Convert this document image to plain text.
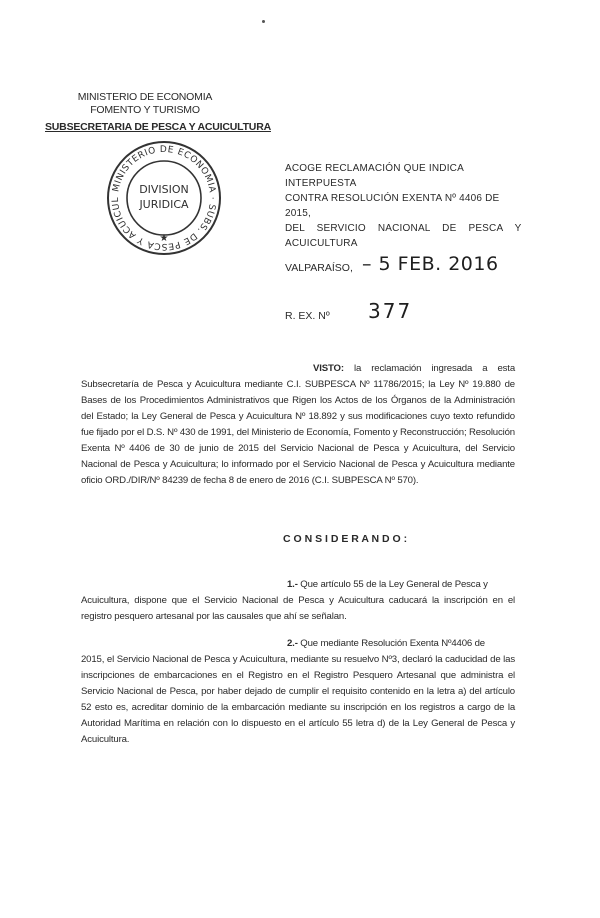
MINISTERIO DE ECONOMIA
FOMENTO Y TURISMO
SUBSECRETARIA DE PESCA Y ACUICULTURA
MINISTERIO DE ECONOMIA · SUBS. DE PESCA Y ACUICUL
DIVISION
JURIDICA
★
ACOGE RECLAMACIÓN QUE INDICA INTERPUESTA
CONTRA RESOLUCIÓN EXENTA Nº 4406 DE 2015,
DEL SERVICIO NACIONAL DE PESCA Y
ACUICULTURA
VALPARAÍSO, – 5 FEB. 2016
R. EX. Nº 377
VISTO: la reclamación ingresada a esta Subsecretaría de Pesca y Acuicultura mediante C.I. SUBPESCA Nº 11786/2015; la Ley Nº 19.880 de Bases de los Procedimientos Administrativos que Rigen los Actos de los Órganos de la Administración del Estado; la Ley General de Pesca y Acuicultura Nº 18.892 y sus modificaciones cuyo texto refundido fue fijado por el D.S. Nº 430 de 1991, del Ministerio de Economía, Fomento y Reconstrucción; Resolución Exenta Nº 4406 de 30 de junio de 2015 del Servicio Nacional de Pesca y Acuicultura, del Servicio Nacional de Pesca y Acuicultura; lo informado por el Servicio Nacional de Pesca y Acuicultura mediante oficio ORD./DIR/Nº 84239 de fecha 8 de enero de 2016 (C.I. SUBPESCA Nº 570).
C O N S I D E R A N D O :
1.- Que artículo 55 de la Ley General de Pesca y
Acuicultura, dispone que el Servicio Nacional de Pesca y Acuicultura caducará la inscripción en el registro pesquero artesanal por las causales que ahí se señalan.
2.- Que mediante Resolución Exenta Nº4406 de
2015, el Servicio Nacional de Pesca y Acuicultura, mediante su resuelvo Nº3, declaró la caducidad de las inscripciones de embarcaciones en el Registro en el Registro Pesquero Artesanal que administra el Servicio Nacional de Pesca, por haber dejado de cumplir el requisito contenido en la letra a) del artículo 52 esto es, acreditar dominio de la embarcación mediante su inscripción en los registros a cargo de la Autoridad Marítima en relación con lo dispuesto en el artículo 55 letra d) de la Ley General de Pesca y Acuicultura.
